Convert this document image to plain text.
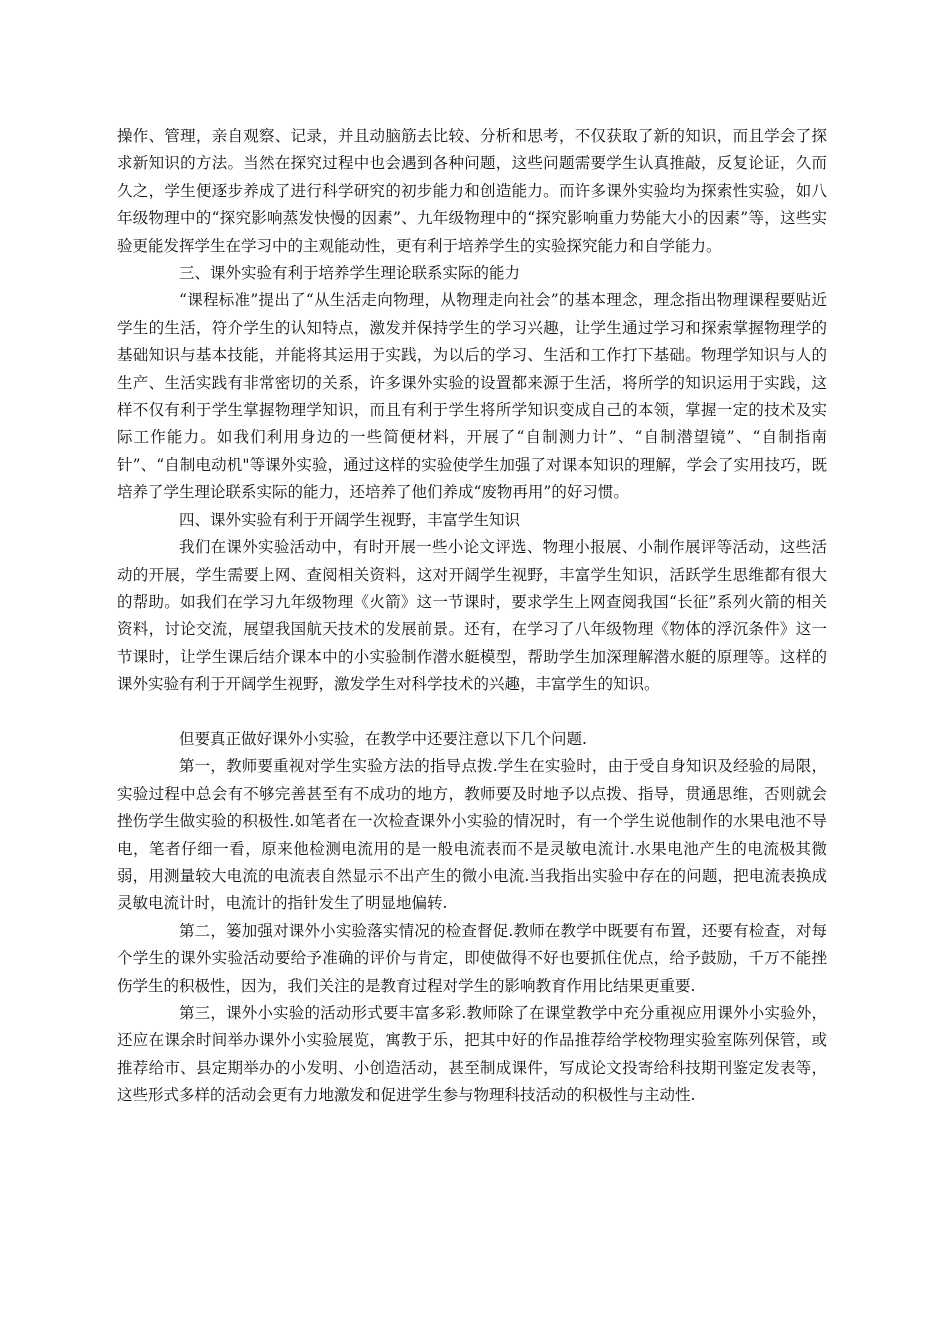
操作、管理，亲自观察、记录，并且动脑筋去比较、分析和思考，不仅获取了新的知识，而且学会了探求新知识的方法。当然在探究过程中也会遇到各种问题，这些问题需要学生认真推敲，反复论证，久而久之，学生便逐步养成了进行科学研究的初步能力和创造能力。而许多课外实验均为探索性实验，如八年级物理中的“探究影响蒸发快慢的因素”、九年级物理中的“探究影响重力势能大小的因素”等，这些实验更能发挥学生在学习中的主观能动性，更有利于培养学生的实验探究能力和自学能力。

三、课外实验有利于培养学生理论联系实际的能力

“课程标准”提出了“从生活走向物理，从物理走向社会”的基本理念，理念指出物理课程要贴近学生的生活，符介学生的认知特点，激发并保持学生的学习兴趣，让学生通过学习和探索掌握物理学的基础知识与基本技能，并能将其运用于实践，为以后的学习、生活和工作打下基础。物理学知识与人的生产、生活实践有非常密切的关系，许多课外实验的设置都来源于生活，将所学的知识运用于实践，这样不仅有利于学生掌握物理学知识，而且有利于学生将所学知识变成自己的本领，掌握一定的技术及实际工作能力。如我们利用身边的一些简便材料，开展了“自制测力计”、“自制潜望镜”、“自制指南针”、“自制电动机"等课外实验，通过这样的实验使学生加强了对课本知识的理解，学会了实用技巧，既培养了学生理论联系实际的能力，还培养了他们养成“废物再用”的好习惯。

四、课外实验有利于开阔学生视野，丰富学生知识

我们在课外实验活动中，有时开展一些小论文评选、物理小报展、小制作展评等活动，这些活动的开展，学生需要上网、查阅相关资料，这对开阔学生视野，丰富学生知识，活跃学生思维都有很大的帮助。如我们在学习九年级物理《火箭》这一节课时，要求学生上网查阅我国“长征”系列火箭的相关资料，讨论交流，展望我国航天技术的发展前景。还有，在学习了八年级物理《物体的浮沉条件》这一节课时，让学生课后结介课本中的小实验制作潜水艇模型，帮助学生加深理解潜水艇的原理等。这样的课外实验有利于开阔学生视野，激发学生对科学技术的兴趣，丰富学生的知识。

但要真正做好课外小实验，在教学中还要注意以下几个问题.

第一，教师要重视对学生实验方法的指导点拨.学生在实验时，由于受自身知识及经验的局限，实验过程中总会有不够完善甚至有不成功的地方，教师要及时地予以点拨、指导，贯通思维，否则就会挫伤学生做实验的积极性.如笔者在一次检查课外小实验的情况时，有一个学生说他制作的水果电池不导电，笔者仔细一看，原来他检测电流用的是一般电流表而不是灵敏电流计.水果电池产生的电流极其微弱，用测量较大电流的电流表自然显示不出产生的微小电流.当我指出实验中存在的问题，把电流表换成灵敏电流计时，电流计的指针发生了明显地偏转.

第二，篓加强对课外小实验落实情况的检查督促.教师在教学中既要有布置，还要有检查，对每个学生的课外实验活动要给予准确的评价与肯定，即使做得不好也要抓住优点，给予鼓励，千万不能挫伤学生的积极性，因为，我们关注的是教育过程对学生的影响教育作用比结果更重要.

第三，课外小实验的活动形式要丰富多彩.教师除了在课堂教学中充分重视应用课外小实验外，还应在课余时间举办课外小实验展览，寓教于乐，把其中好的作品推荐给学校物理实验室陈列保管，或推荐给市、县定期举办的小发明、小创造活动，甚至制成课件，写成论文投寄给科技期刊鉴定发表等，这些形式多样的活动会更有力地激发和促进学生参与物理科技活动的积极性与主动性.
